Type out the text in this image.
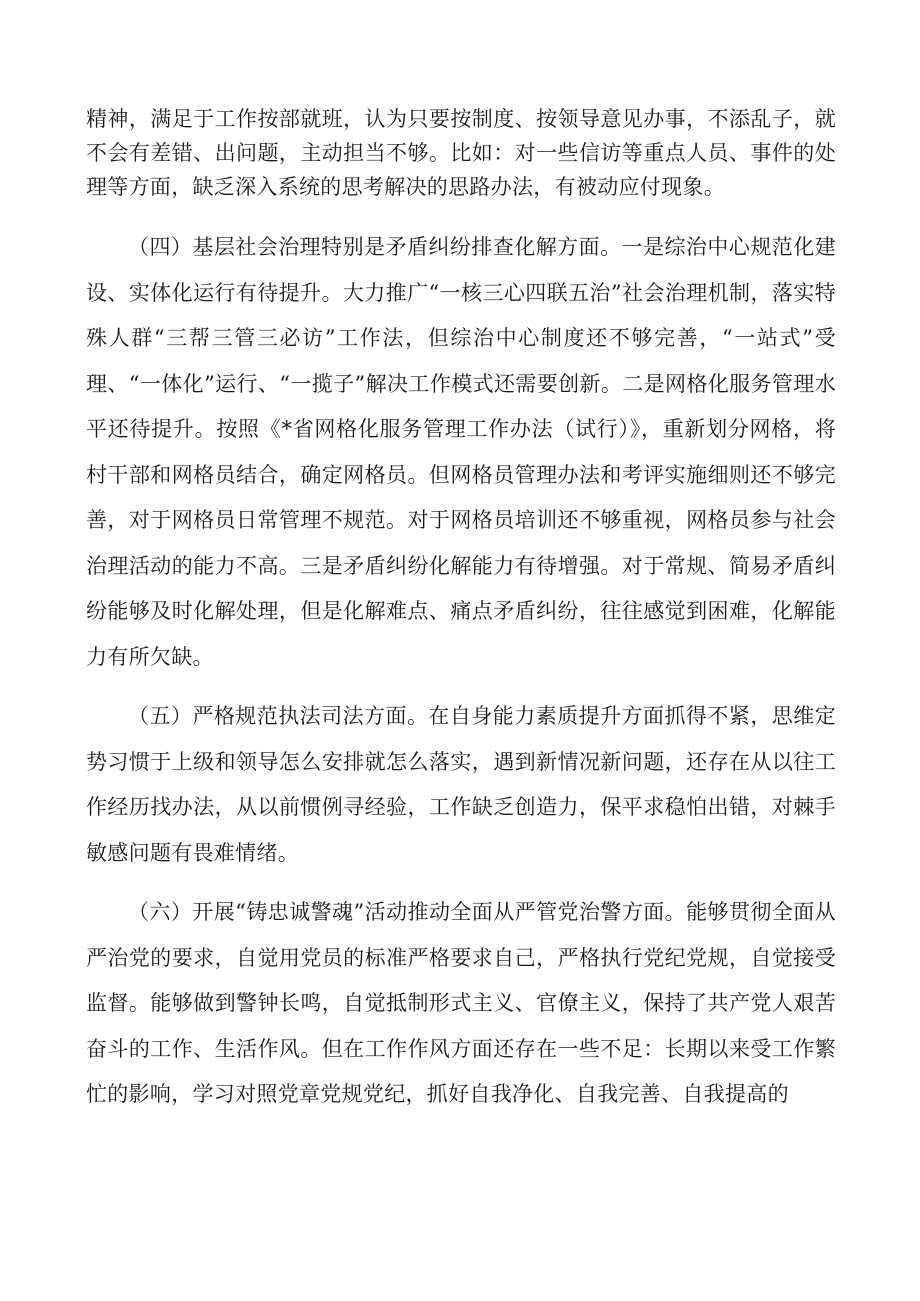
精神，满足于工作按部就班，认为只要按制度、按领导意见办事，不添乱子，就不会有差错、出问题，主动担当不够。比如：对一些信访等重点人员、事件的处理等方面，缺乏深入系统的思考解决的思路办法，有被动应付现象。

（四）基层社会治理特别是矛盾纠纷排查化解方面。一是综治中心规范化建设、实体化运行有待提升。大力推广“一核三心四联五治”社会治理机制，落实特殊人群“三帮三管三必访”工作法，但综治中心制度还不够完善，“一站式”受理、“一体化”运行、“一揽子”解决工作模式还需要创新。二是网格化服务管理水平还待提升。按照《*省网格化服务管理工作办法（试行）》，重新划分网格，将村干部和网格员结合，确定网格员。但网格员管理办法和考评实施细则还不够完善，对于网格员日常管理不规范。对于网格员培训还不够重视，网格员参与社会治理活动的能力不高。三是矛盾纠纷化解能力有待增强。对于常规、简易矛盾纠纷能够及时化解处理，但是化解难点、痛点矛盾纠纷，往往感觉到困难，化解能力有所欠缺。

（五）严格规范执法司法方面。在自身能力素质提升方面抓得不紧，思维定势习惯于上级和领导怎么安排就怎么落实，遇到新情况新问题，还存在从以往工作经历找办法，从以前惯例寻经验，工作缺乏创造力，保平求稳怕出错，对棘手敏感问题有畏难情绪。

（六）开展“铸忠诚警魂”活动推动全面从严管党治警方面。能够贯彻全面从严治党的要求，自觉用党员的标准严格要求自己，严格执行党纪党规，自觉接受监督。能够做到警钟长鸣，自觉抵制形式主义、官僚主义，保持了共产党人艰苦奋斗的工作、生活作风。但在工作作风方面还存在一些不足：长期以来受工作繁忙的影响，学习对照党章党规党纪，抓好自我净化、自我完善、自我提高的
